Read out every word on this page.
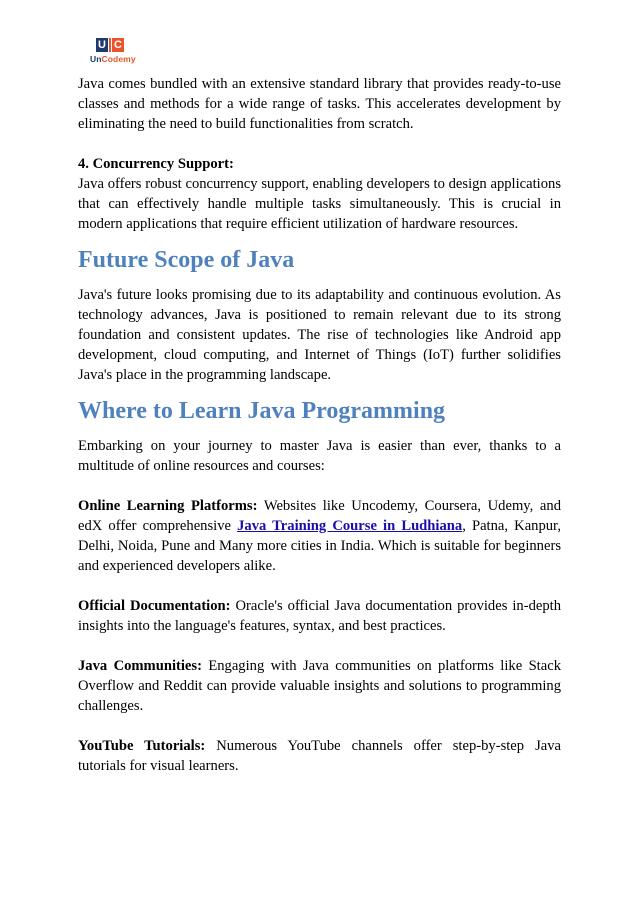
U C
UnCodemy

Java comes bundled with an extensive standard library that provides ready-to-use classes and methods for a wide range of tasks. This accelerates development by eliminating the need to build functionalities from scratch.

4. Concurrency Support:

Java offers robust concurrency support, enabling developers to design applications that can effectively handle multiple tasks simultaneously. This is crucial in modern applications that require efficient utilization of hardware resources.

Future Scope of Java

Java's future looks promising due to its adaptability and continuous evolution. As technology advances, Java is positioned to remain relevant due to its strong foundation and consistent updates. The rise of technologies like Android app development, cloud computing, and Internet of Things (IoT) further solidifies Java's place in the programming landscape.

Where to Learn Java Programming

Embarking on your journey to master Java is easier than ever, thanks to a multitude of online resources and courses:

Online Learning Platforms: Websites like Uncodemy, Coursera, Udemy, and edX offer comprehensive Java Training Course in Ludhiana, Patna, Kanpur, Delhi, Noida, Pune and Many more cities in India. Which is suitable for beginners and experienced developers alike.

Official Documentation: Oracle's official Java documentation provides in-depth insights into the language's features, syntax, and best practices.

Java Communities: Engaging with Java communities on platforms like Stack Overflow and Reddit can provide valuable insights and solutions to programming challenges.

YouTube Tutorials: Numerous YouTube channels offer step-by-step Java tutorials for visual learners.
